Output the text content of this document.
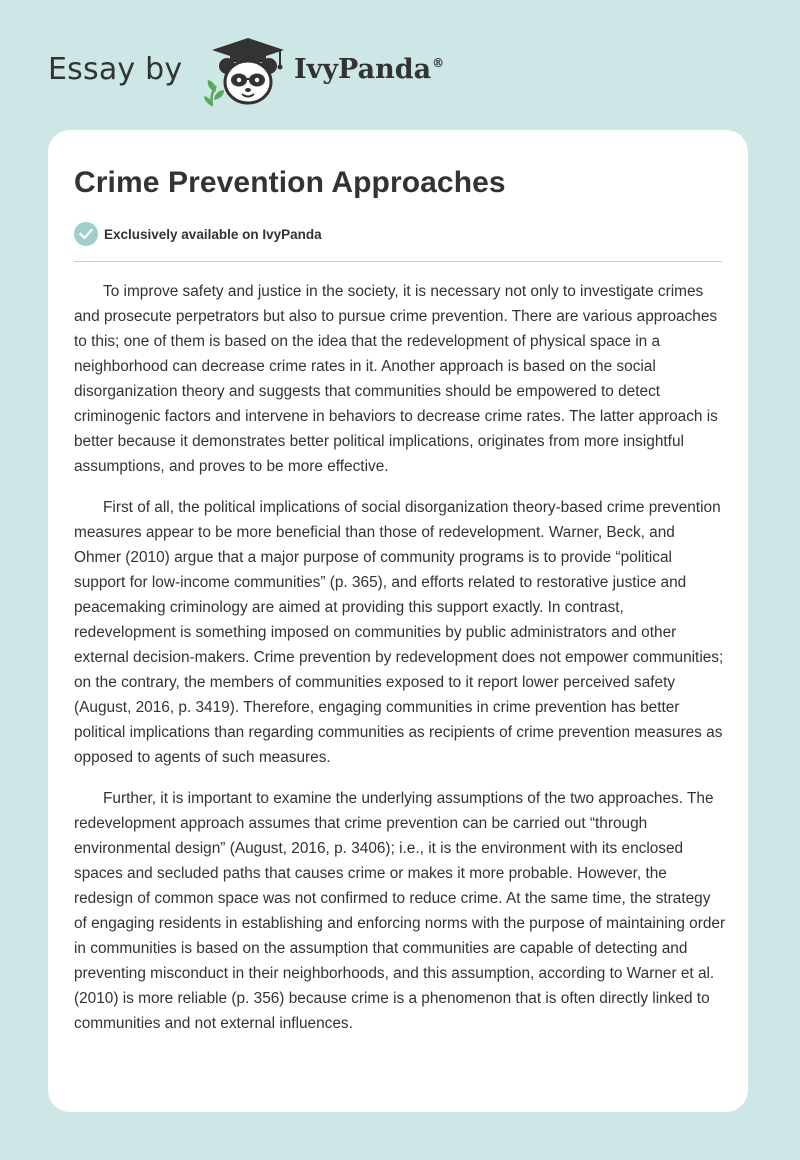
Essay by	IvyPanda®
Crime Prevention Approaches
Exclusively available on IvyPanda

To improve safety and justice in the society, it is necessary not only to investigate crimes and prosecute perpetrators but also to pursue crime prevention. There are various approaches to this; one of them is based on the idea that the redevelopment of physical space in a neighborhood can decrease crime rates in it. Another approach is based on the social disorganization theory and suggests that communities should be empowered to detect criminogenic factors and intervene in behaviors to decrease crime rates. The latter approach is better because it demonstrates better political implications, originates from more insightful assumptions, and proves to be more effective.

First of all, the political implications of social disorganization theory-based crime prevention measures appear to be more beneficial than those of redevelopment. Warner, Beck, and Ohmer (2010) argue that a major purpose of community programs is to provide “political support for low-income communities” (p. 365), and efforts related to restorative justice and peacemaking criminology are aimed at providing this support exactly. In contrast, redevelopment is something imposed on communities by public administrators and other external decision-makers. Crime prevention by redevelopment does not empower communities; on the contrary, the members of communities exposed to it report lower perceived safety (August, 2016, p. 3419). Therefore, engaging communities in crime prevention has better political implications than regarding communities as recipients of crime prevention measures as opposed to agents of such measures.

Further, it is important to examine the underlying assumptions of the two approaches. The redevelopment approach assumes that crime prevention can be carried out “through environmental design” (August, 2016, p. 3406); i.e., it is the environment with its enclosed spaces and secluded paths that causes crime or makes it more probable. However, the redesign of common space was not confirmed to reduce crime. At the same time, the strategy of engaging residents in establishing and enforcing norms with the purpose of maintaining order in communities is based on the assumption that communities are capable of detecting and preventing misconduct in their neighborhoods, and this assumption, according to Warner et al. (2010) is more reliable (p. 356) because crime is a phenomenon that is often directly linked to communities and not external influences.
